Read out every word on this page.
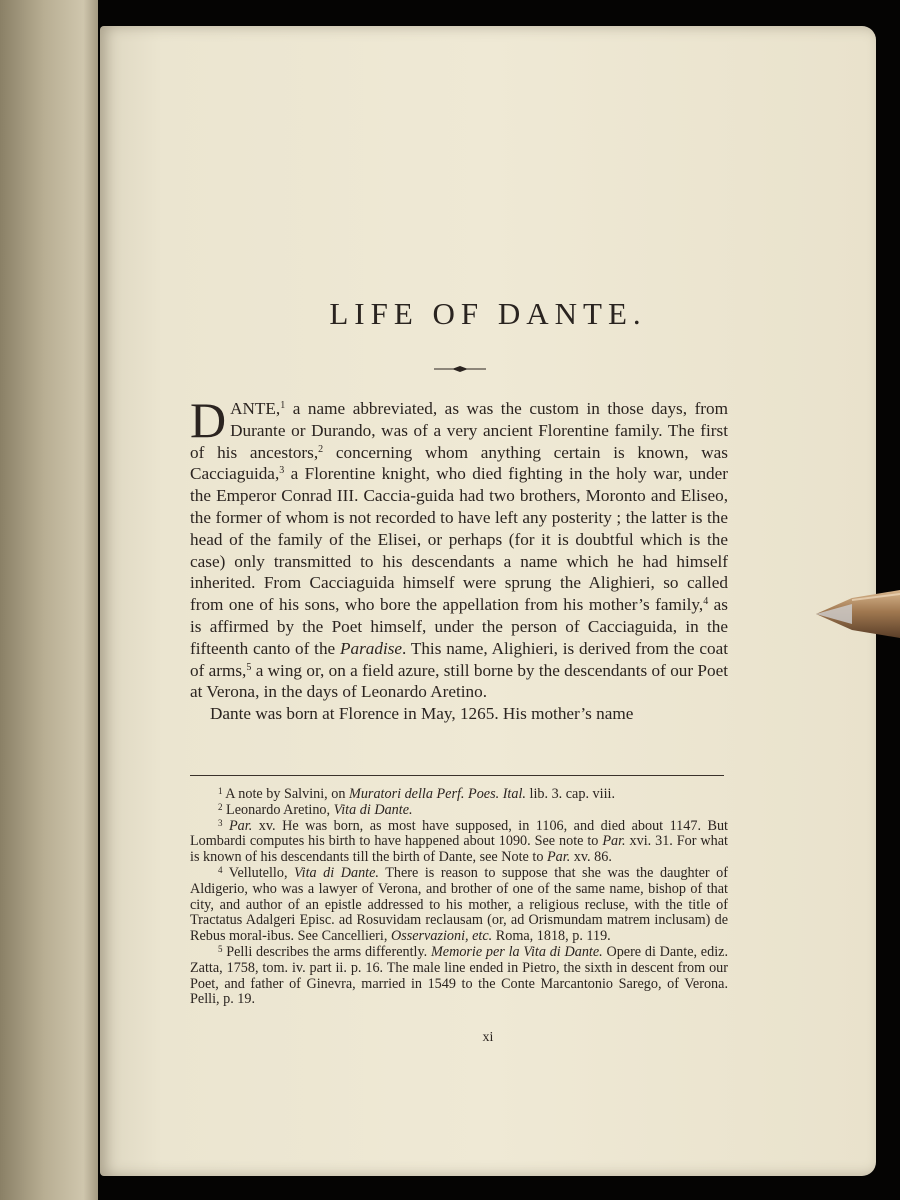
LIFE OF DANTE.

DANTE,$^1$ a name abbreviated, as was the custom in those days, from Durante or Durando, was of a very ancient Florentine family. The first of his ancestors,$^2$ concerning whom anything certain is known, was Cacciaguida,$^3$ a Florentine knight, who died fighting in the holy war, under the Emperor Conrad III. Caccia-guida had two brothers, Moronto and Eliseo, the former of whom is not recorded to have left any posterity ; the latter is the head of the family of the Elisei, or perhaps (for it is doubtful which is the case) only transmitted to his descendants a name which he had himself inherited. From Cacciaguida himself were sprung the Alighieri, so called from one of his sons, who bore the appellation from his mother’s family,$^4$ as is affirmed by the Poet himself, under the person of Cacciaguida, in the fifteenth canto of the Paradise. This name, Alighieri, is derived from the coat of arms,$^5$ a wing or, on a field azure, still borne by the descendants of our Poet at Verona, in the days of Leonardo Aretino.

Dante was born at Florence in May, 1265. His mother’s name

$^1$ A note by Salvini, on Muratori della Perf. Poes. Ital. lib. 3. cap. viii.

$^2$ Leonardo Aretino, Vita di Dante.

$^3$ Par. xv. He was born, as most have supposed, in 1106, and died about 1147. But Lombardi computes his birth to have happened about 1090. See note to Par. xvi. 31. For what is known of his descendants till the birth of Dante, see Note to Par. xv. 86.

$^4$ Vellutello, Vita di Dante. There is reason to suppose that she was the daughter of Aldigerio, who was a lawyer of Verona, and brother of one of the same name, bishop of that city, and author of an epistle addressed to his mother, a religious recluse, with the title of Tractatus Adalgeri Episc. ad Rosuvidam reclausam (or, ad Orismundam matrem inclusam) de Rebus moral-ibus. See Cancellieri, Osservazioni, etc. Roma, 1818, p. 119.

$^5$ Pelli describes the arms differently. Memorie per la Vita di Dante. Opere di Dante, ediz. Zatta, 1758, tom. iv. part ii. p. 16. The male line ended in Pietro, the sixth in descent from our Poet, and father of Ginevra, married in 1549 to the Conte Marcantonio Sarego, of Verona. Pelli, p. 19.

xi
